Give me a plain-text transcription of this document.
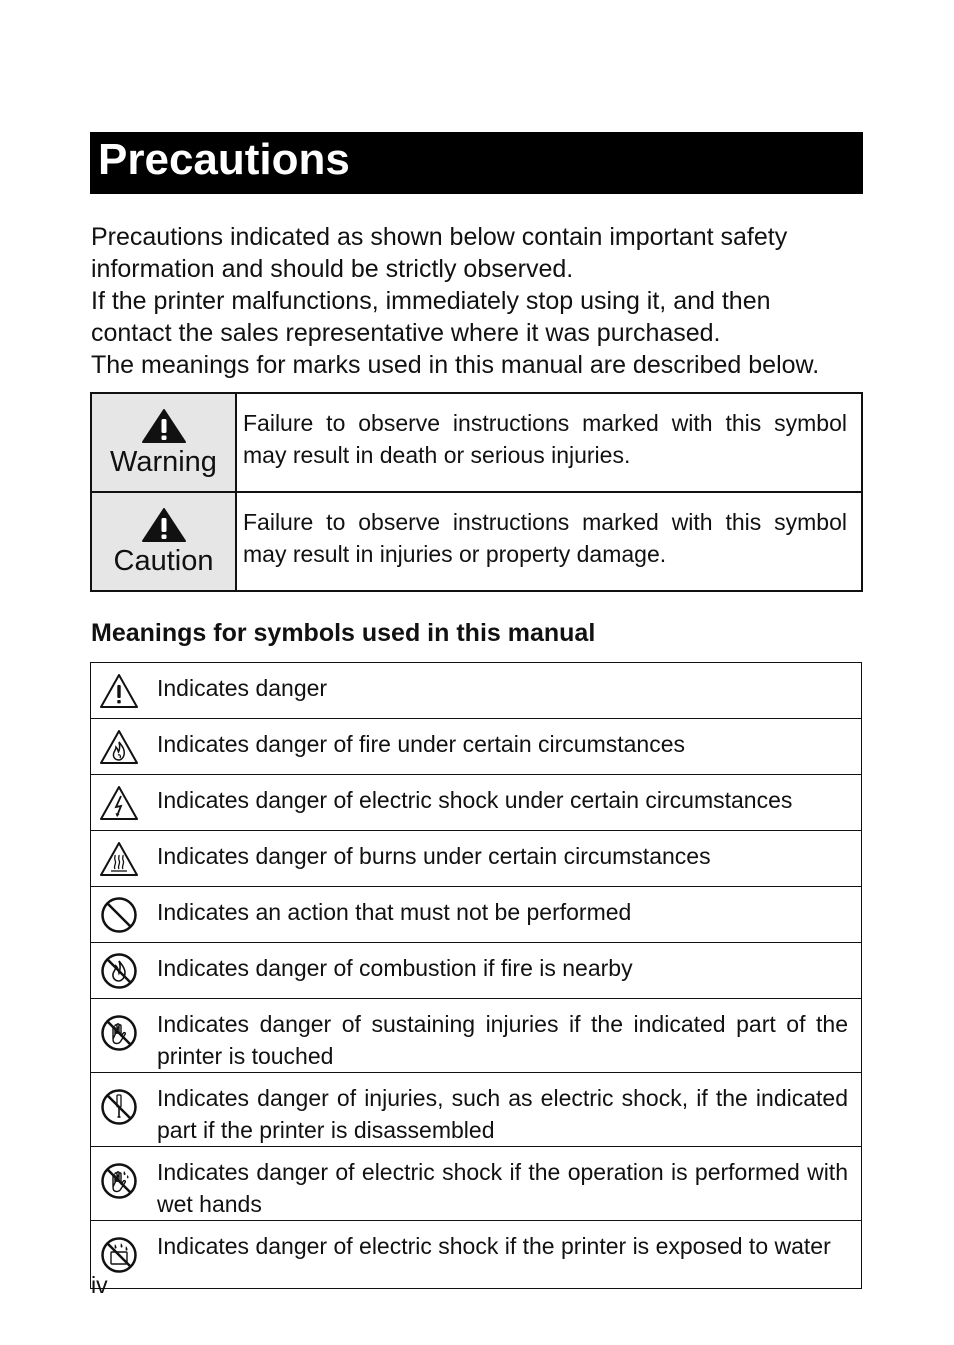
Precautions

Precautions indicated as shown below contain important safety

information and should be strictly observed.

If the printer malfunctions, immediately stop using it, and then

contact the sales representative where it was purchased.

The meanings for marks used in this manual are described below.

Warning	Failure to observe instructions marked with this symbol may result in death or serious injuries.

Caution	Failure to observe instructions marked with this symbol may result in injuries or property damage.
Meanings for symbols used in this manual
	Indicates danger

	Indicates danger of fire under certain circumstances

	Indicates danger of electric shock under certain circumstances

	Indicates danger of burns under certain circumstances

	Indicates an action that must not be performed

	Indicates danger of combustion if fire is nearby

	Indicates danger of sustaining injuries if the indicated part of the printer is touched

	Indicates danger of injuries, such as electric shock, if the indicated part if the printer is disassembled

	Indicates danger of electric shock if the operation is performed with wet hands

	Indicates danger of electric shock if the printer is exposed to water

iv
